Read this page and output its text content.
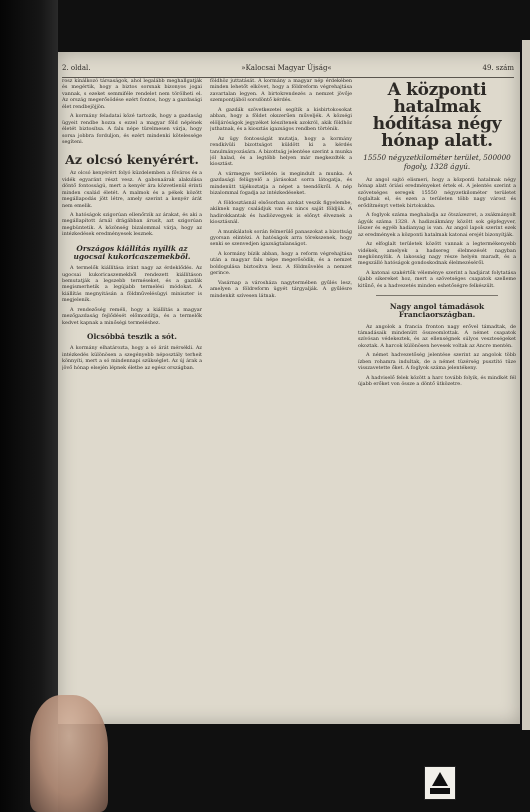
2. oldal.	»Kalocsai Magyar Újság«	49. szám

rosz kínálkozó társaságok, ahol legalább meghallgatják és megértik, hogy a biztos sorsnak bizonyos jogai vannak, s ezeket semmiféle rendelet nem törölheti el. Az ország megerősödése ezért fontos, hogy a gazdasági élet rendbejöjjön.

A kormány feladatai közé tartozik, hogy a gazdaság ügyeit rendbe hozza s ezzel a magyar föld népének életét biztosítsa. A falu népe türelmesen várja, hogy sorsa jobbra forduljon, és ezért mindenki kötelessége segíteni.

Az olcsó kenyérért.

Az olcsó kenyérért folyó küzdelemben a főváros és a vidék egyaránt részt vesz. A gabonaárak alakulása döntő fontosságú, mert a kenyér ára közvetlenül érinti minden család életét. A malmok és a pékek között megállapodás jött létre, amely szerint a kenyér árát nem emelik.

A hatóságok szigorúan ellenőrzik az árakat, és aki a megállapított árnál drágábban árusít, azt szigorúan megbüntetik. A közönség bizalommal várja, hogy az intézkedések eredményesek lesznek.

Országos kiállítás nyílik az ugocsai kukoricaszemekből.

A termelők kiállítása iránt nagy az érdeklődés. Az ugocsai kukoricaszemekből rendezett kiállításon bemutatják a legszebb terméseket, és a gazdák megismerhetik a legújabb termelési módokat. A kiállítás megnyitásán a földművelésügyi miniszter is megjelenik.

A rendezőség reméli, hogy a kiállítás a magyar mezőgazdaság fejlődését előmozdítja, és a termelők kedvet kapnak a minőségi termeléshez.

Olcsóbbá teszik a sót.

A kormány elhatározta, hogy a só árát mérsékli. Az intézkedés különösen a szegényebb néposztály terheit könnyíti, mert a só mindennapi szükséglet. Az új árak a jövő hónap elsején lépnek életbe az egész országban.

földhöz juttatását. A kormány a magyar nép érdekében minden lehetőt elkövet, hogy a földreform végrehajtása zavartalan legyen. A birtokrendezés a nemzet jövője szempontjából sorsdöntő kérdés.

A gazdák szövetkezetei segítik a kisbirtokosokat abban, hogy a földet okszerűen műveljék. A községi elöljáróságok jegyzéket készítenek azokról, akik földhöz juthatnak, és a kiosztás igazságos rendben történik.

Az ügy fontosságát mutatja, hogy a kormány rendkívüli bizottságot küldött ki a kérdés tanulmányozására. A bizottság jelentése szerint a munka jól halad, és a legtöbb helyen már megkezdték a kiosztást.

A vármegye területén is megindult a munka. A gazdasági felügyelő a járásokat sorra látogatja, és mindenütt tájékoztatja a népet a teendőkről. A nép bizalommal fogadja az intézkedéseket.

A földosztásnál elsősorban azokat veszik figyelembe, akiknek nagy családjuk van és nincs saját földjük. A hadirokkantak és hadiözvegyek is előnyt élveznek a kiosztásnál.

A munkálatok során felmerülő panaszokat a bizottság gyorsan elintézi. A hatóságok arra törekszenek, hogy senki se szenvedjen igazságtalanságot.

A kormány bízik abban, hogy a reform végrehajtása után a magyar falu népe megerősödik, és a nemzet boldogulása biztosítva lesz. A földművelés a nemzet gerince.

Vasárnap a városháza nagytermében gyűlés lesz, amelyen a földreform ügyét tárgyalják. A gyűlésre mindenkit szívesen látnak.

A központi hatalmak hódítása négy hónap alatt.
15550 négyzetkilométer terület, 500000 fogoly, 1328 ágyú.

Az angol sajtó elismeri, hogy a központi hatalmak négy hónap alatt óriási eredményeket értek el. A jelentés szerint a szövetséges seregek 15550 négyzetkilométer területet foglaltak el, és ezen a területen több nagy várost és erődítményt vettek birtokukba.

A foglyok száma meghaladja az ötszázezret, a zsákmányolt ágyúk száma 1328. A hadizsákmány között sok gépfegyver, lőszer és egyéb hadianyag is van. Az angol lapok szerint ezek az eredmények a központi hatalmak katonai erejét bizonyítják.

Az elfoglalt területek között vannak a legtermékenyebb vidékek, amelyek a hadsereg élelmezését nagyban megkönnyítik. A lakosság nagy része helyén maradt, és a megszálló hatóságok gondoskodnak élelmezéséről.

A katonai szakértők véleménye szerint a hadjárat folytatása újabb sikereket hoz, mert a szövetséges csapatok szelleme kitűnő, és a hadvezetés minden eshetőségre felkészült.

Nagy angol támadások Franciaországban.

Az angolok a francia fronton nagy erővel támadtak, de támadásaik mindenütt összeomlottak. A német csapatok szívósan védekeztek, és az ellenségnek súlyos veszteségeket okoztak. A harcok különösen hevesek voltak az Ancre mentén.

A német hadvezetőség jelentése szerint az angolok több ízben rohamra indultak, de a német tüzérség pusztító tüze visszavetette őket. A foglyok száma jelentékeny.

A hadviselő felek között a harc tovább folyik, és mindkét fél újabb erőket von össze a döntő ütközetre.
